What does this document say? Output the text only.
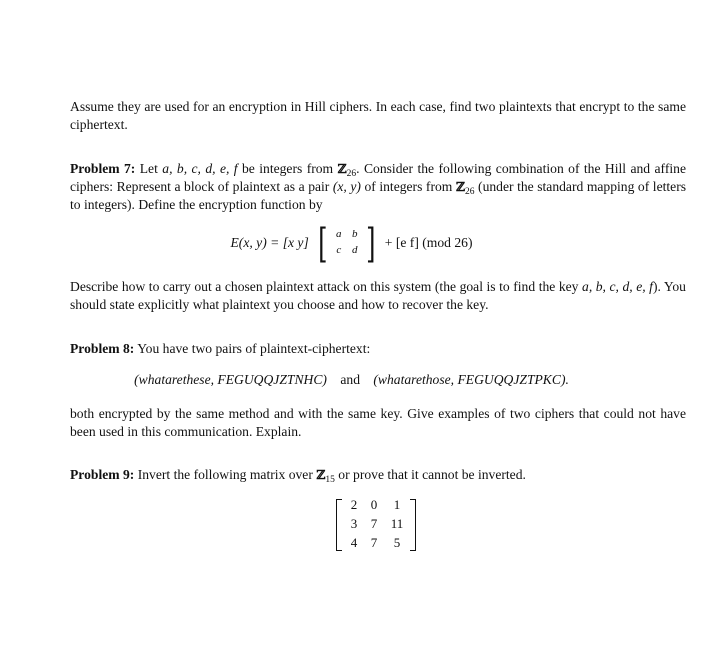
Assume they are used for an encryption in Hill ciphers. In each case, find two plaintexts that encrypt to the same ciphertext.
Problem 7: Let a, b, c, d, e, f be integers from ℤ$_{26}$. Consider the following combination of the Hill and affine ciphers: Represent a block of plaintext as a pair (x, y) of integers from ℤ$_{26}$ (under the standard mapping of letters to integers). Define the encryption function by
E(x, y) = [x y] [ a b
c d ] + [e f] (mod 26)
Describe how to carry out a chosen plaintext attack on this system (the goal is to find the key a, b, c, d, e, f). You should state explicitly what plaintext you choose and how to recover the key.
Problem 8: You have two pairs of plaintext-ciphertext:
(whatarethese, FEGUQQJZTNHC) and (whatarethose, FEGUQQJZTPKC).
both encrypted by the same method and with the same key. Give examples of two ciphers that could not have been used in this communication. Explain.
Problem 9: Invert the following matrix over ℤ$_{15}$ or prove that it cannot be inverted.
2	0	1
3	7	11
4	7	5
